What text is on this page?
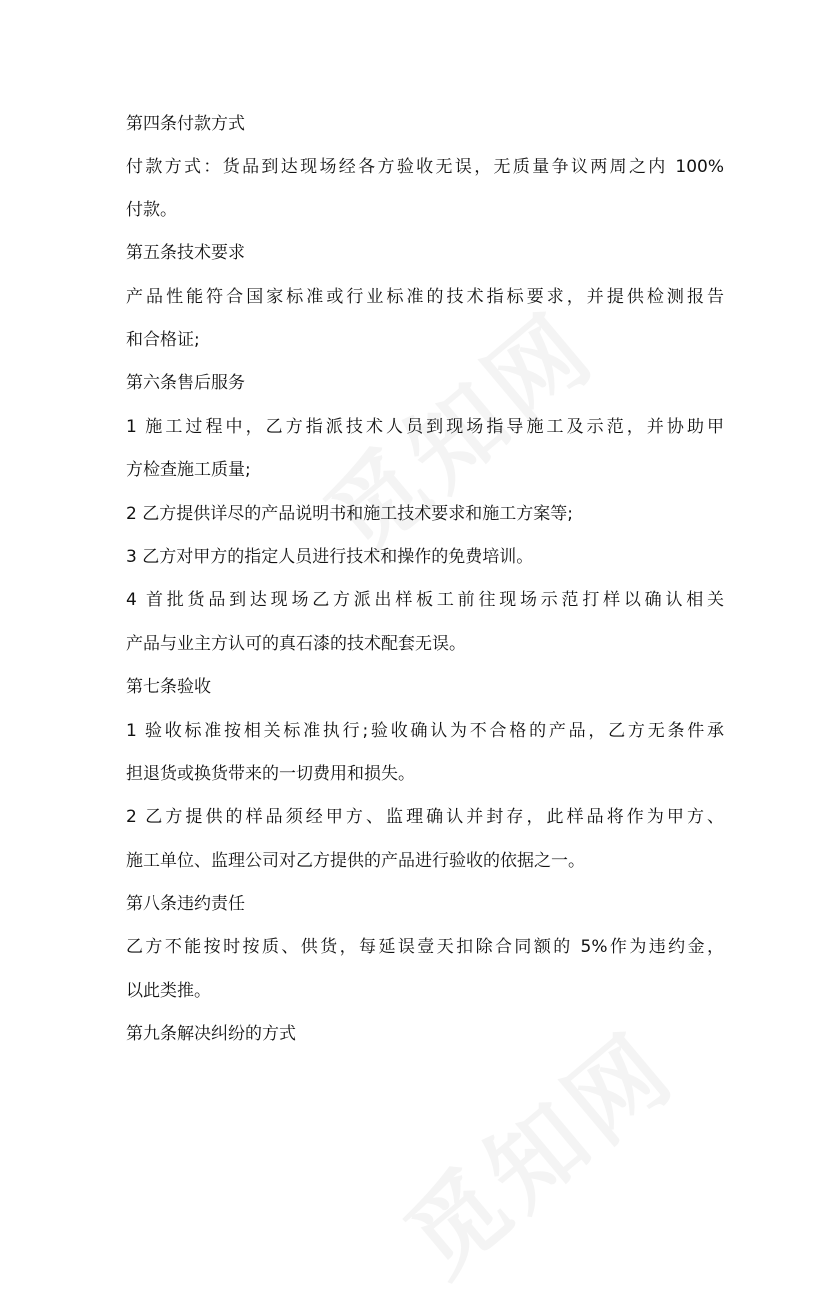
第四条付款方式

付款方式：货品到达现场经各方验收无误，无质量争议两周之内 100%

付款。

第五条技术要求

产品性能符合国家标准或行业标准的技术指标要求，并提供检测报告

和合格证;

第六条售后服务

1 施工过程中，乙方指派技术人员到现场指导施工及示范，并协助甲

方检查施工质量;

2 乙方提供详尽的产品说明书和施工技术要求和施工方案等;

3 乙方对甲方的指定人员进行技术和操作的免费培训。

4 首批货品到达现场乙方派出样板工前往现场示范打样以确认相关

产品与业主方认可的真石漆的技术配套无误。

第七条验收

1 验收标准按相关标准执行;验收确认为不合格的产品，乙方无条件承

担退货或换货带来的一切费用和损失。

2 乙方提供的样品须经甲方、监理确认并封存，此样品将作为甲方、

施工单位、监理公司对乙方提供的产品进行验收的依据之一。

第八条违约责任

乙方不能按时按质、供货，每延误壹天扣除合同额的 5%作为违约金，

以此类推。

第九条解决纠纷的方式
